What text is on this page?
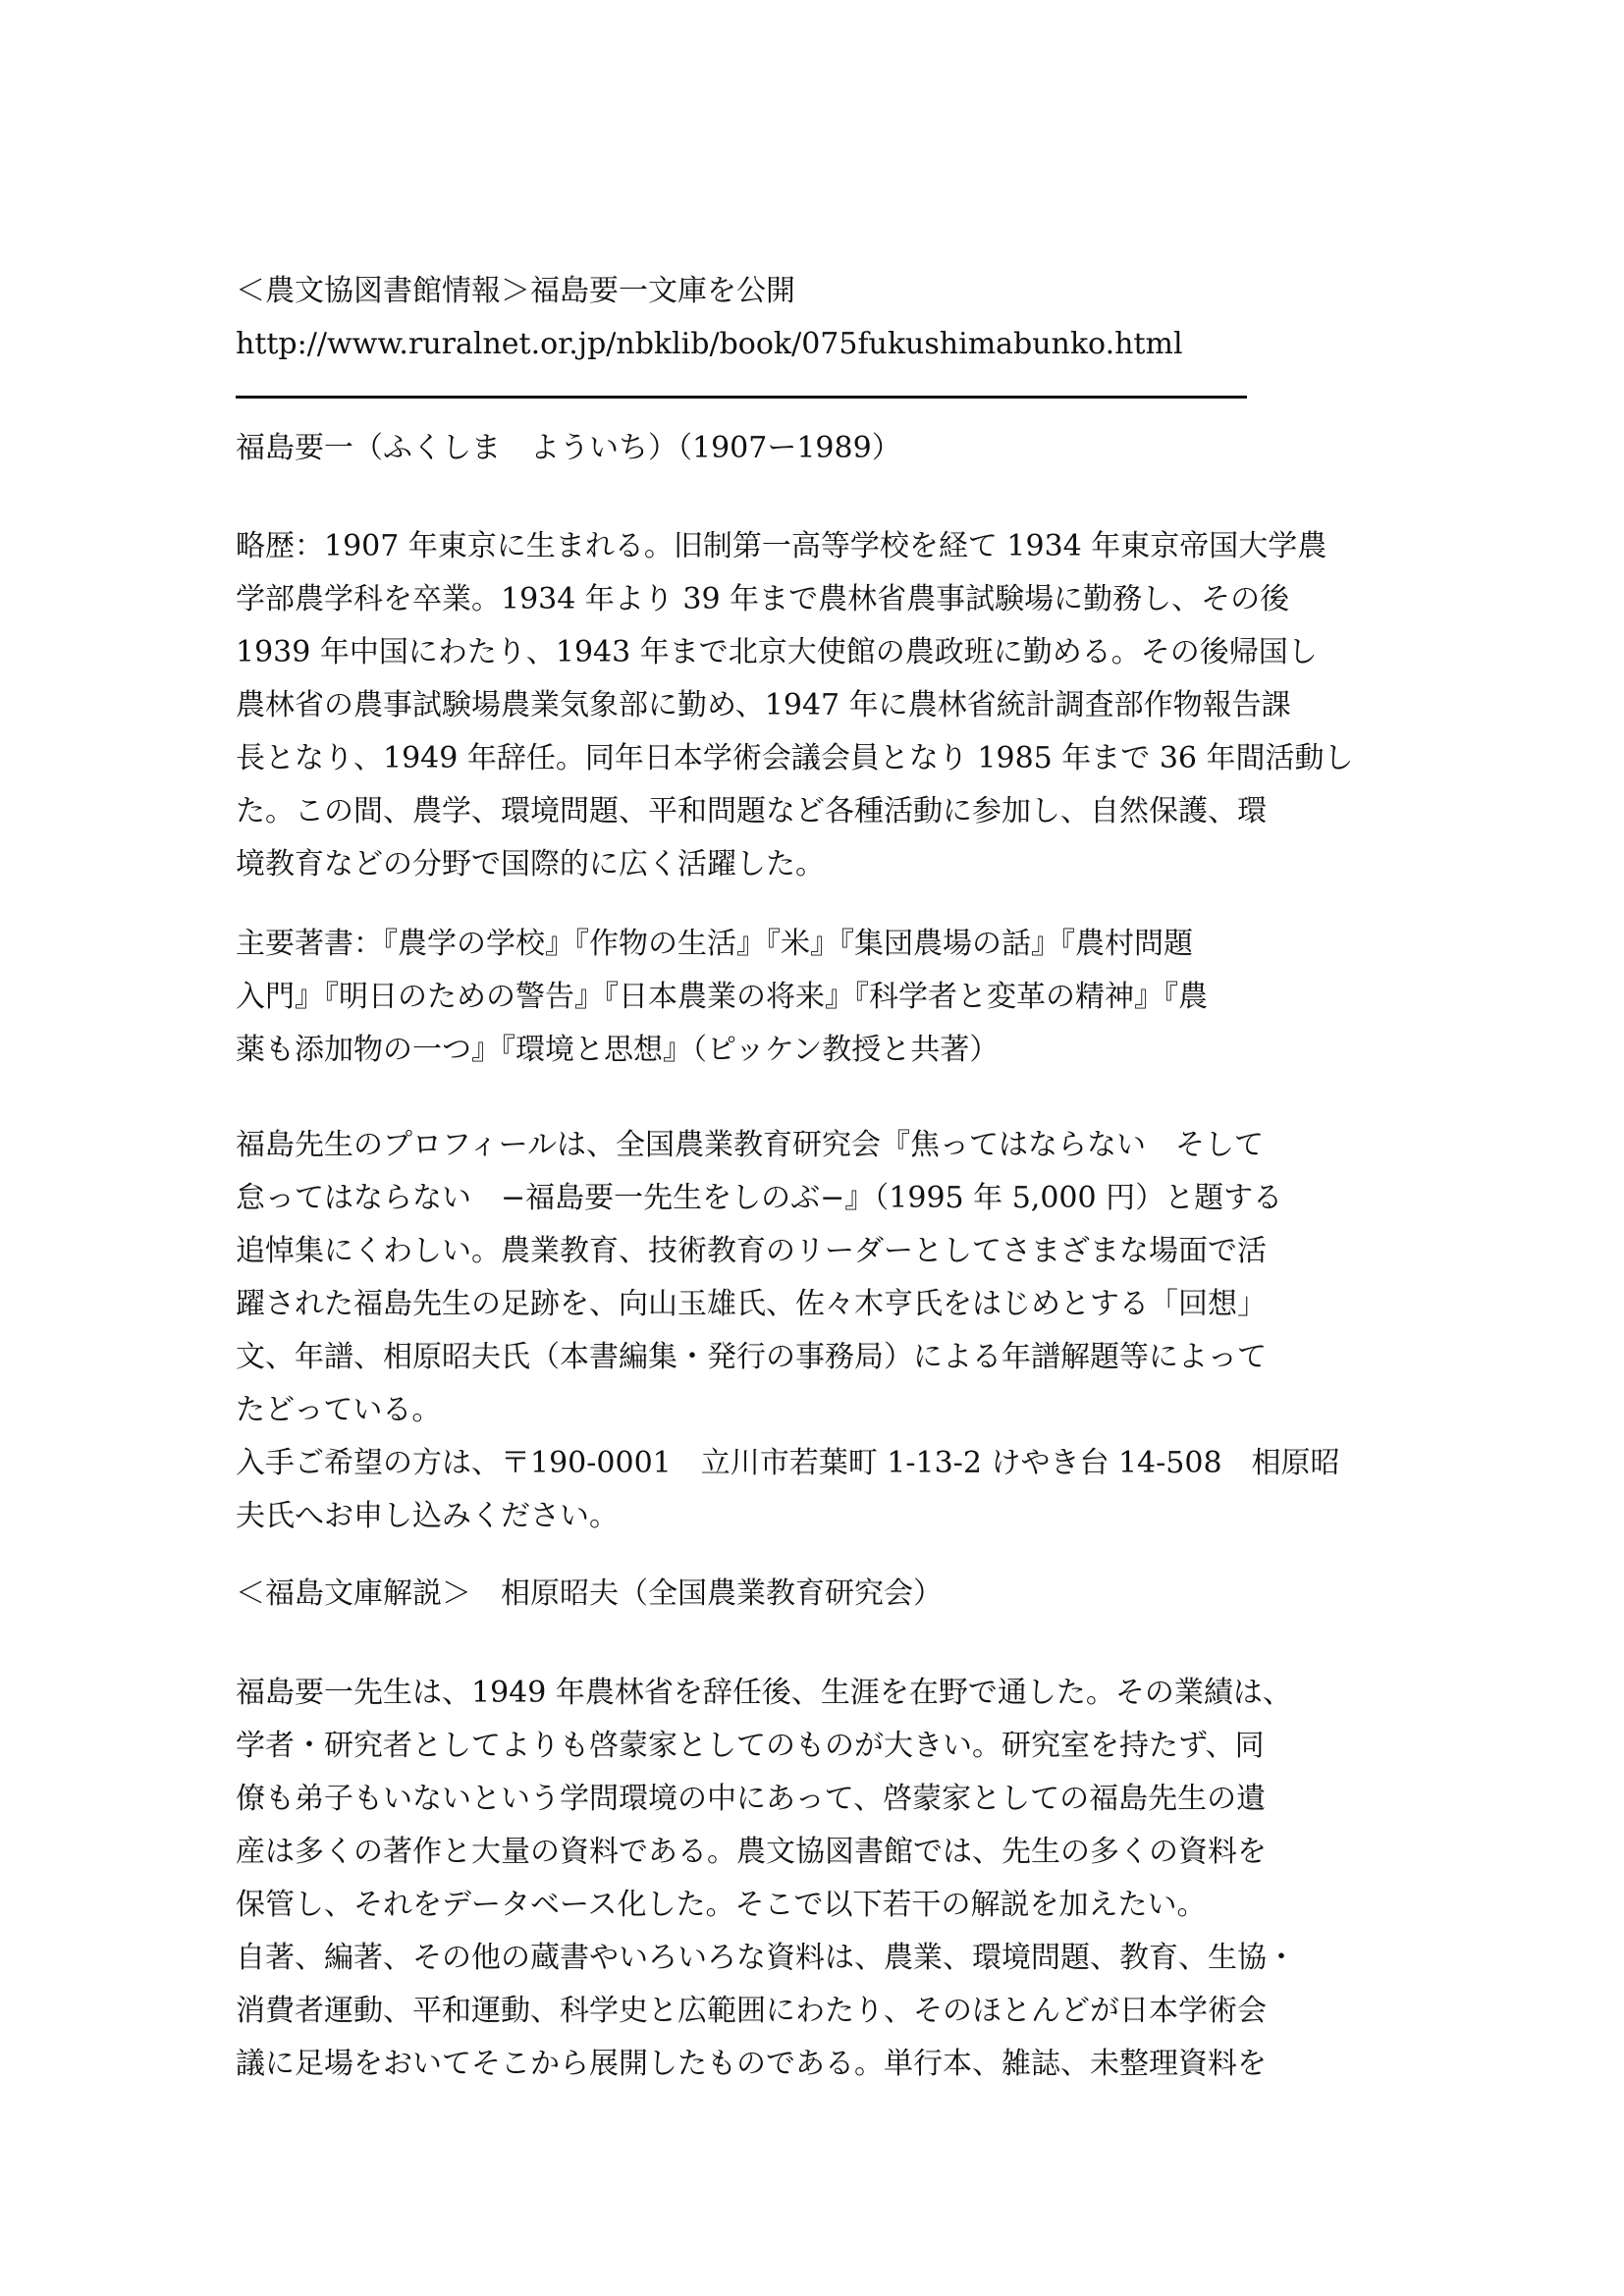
＜農文協図書館情報＞福島要一文庫を公開
http://www.ruralnet.or.jp/nbklib/book/075fukushimabunko.html
福島要一（ふくしま　よういち）（1907ー1989）
略歴：1907 年東京に生まれる。旧制第一高等学校を経て 1934 年東京帝国大学農
学部農学科を卒業。1934 年より 39 年まで農林省農事試験場に勤務し、その後
1939 年中国にわたり、1943 年まで北京大使館の農政班に勤める。その後帰国し
農林省の農事試験場農業気象部に勤め、1947 年に農林省統計調査部作物報告課
長となり、1949 年辞任。同年日本学術会議会員となり 1985 年まで 36 年間活動し
た。この間、農学、環境問題、平和問題など各種活動に参加し、自然保護、環
境教育などの分野で国際的に広く活躍した。
主要著書：『農学の学校』『作物の生活』『米』『集団農場の話』『農村問題
入門』『明日のための警告』『日本農業の将来』『科学者と変革の精神』『農
薬も添加物の一つ』『環境と思想』（ピッケン教授と共著）
福島先生のプロフィールは、全国農業教育研究会『焦ってはならない　そして
怠ってはならない　−福島要一先生をしのぶ−』（1995 年 5,000 円）と題する
追悼集にくわしい。農業教育、技術教育のリーダーとしてさまざまな場面で活
躍された福島先生の足跡を、向山玉雄氏、佐々木亨氏をはじめとする「回想」
文、年譜、相原昭夫氏（本書編集・発行の事務局）による年譜解題等によって
たどっている。
入手ご希望の方は、〒190-0001　立川市若葉町 1-13-2 けやき台 14-508　相原昭
夫氏へお申し込みください。
＜福島文庫解説＞　相原昭夫（全国農業教育研究会）
福島要一先生は、1949 年農林省を辞任後、生涯を在野で通した。その業績は、
学者・研究者としてよりも啓蒙家としてのものが大きい。研究室を持たず、同
僚も弟子もいないという学問環境の中にあって、啓蒙家としての福島先生の遺
産は多くの著作と大量の資料である。農文協図書館では、先生の多くの資料を
保管し、それをデータベース化した。そこで以下若干の解説を加えたい。
自著、編著、その他の蔵書やいろいろな資料は、農業、環境問題、教育、生協・
消費者運動、平和運動、科学史と広範囲にわたり、そのほとんどが日本学術会
議に足場をおいてそこから展開したものである。単行本、雑誌、未整理資料を
